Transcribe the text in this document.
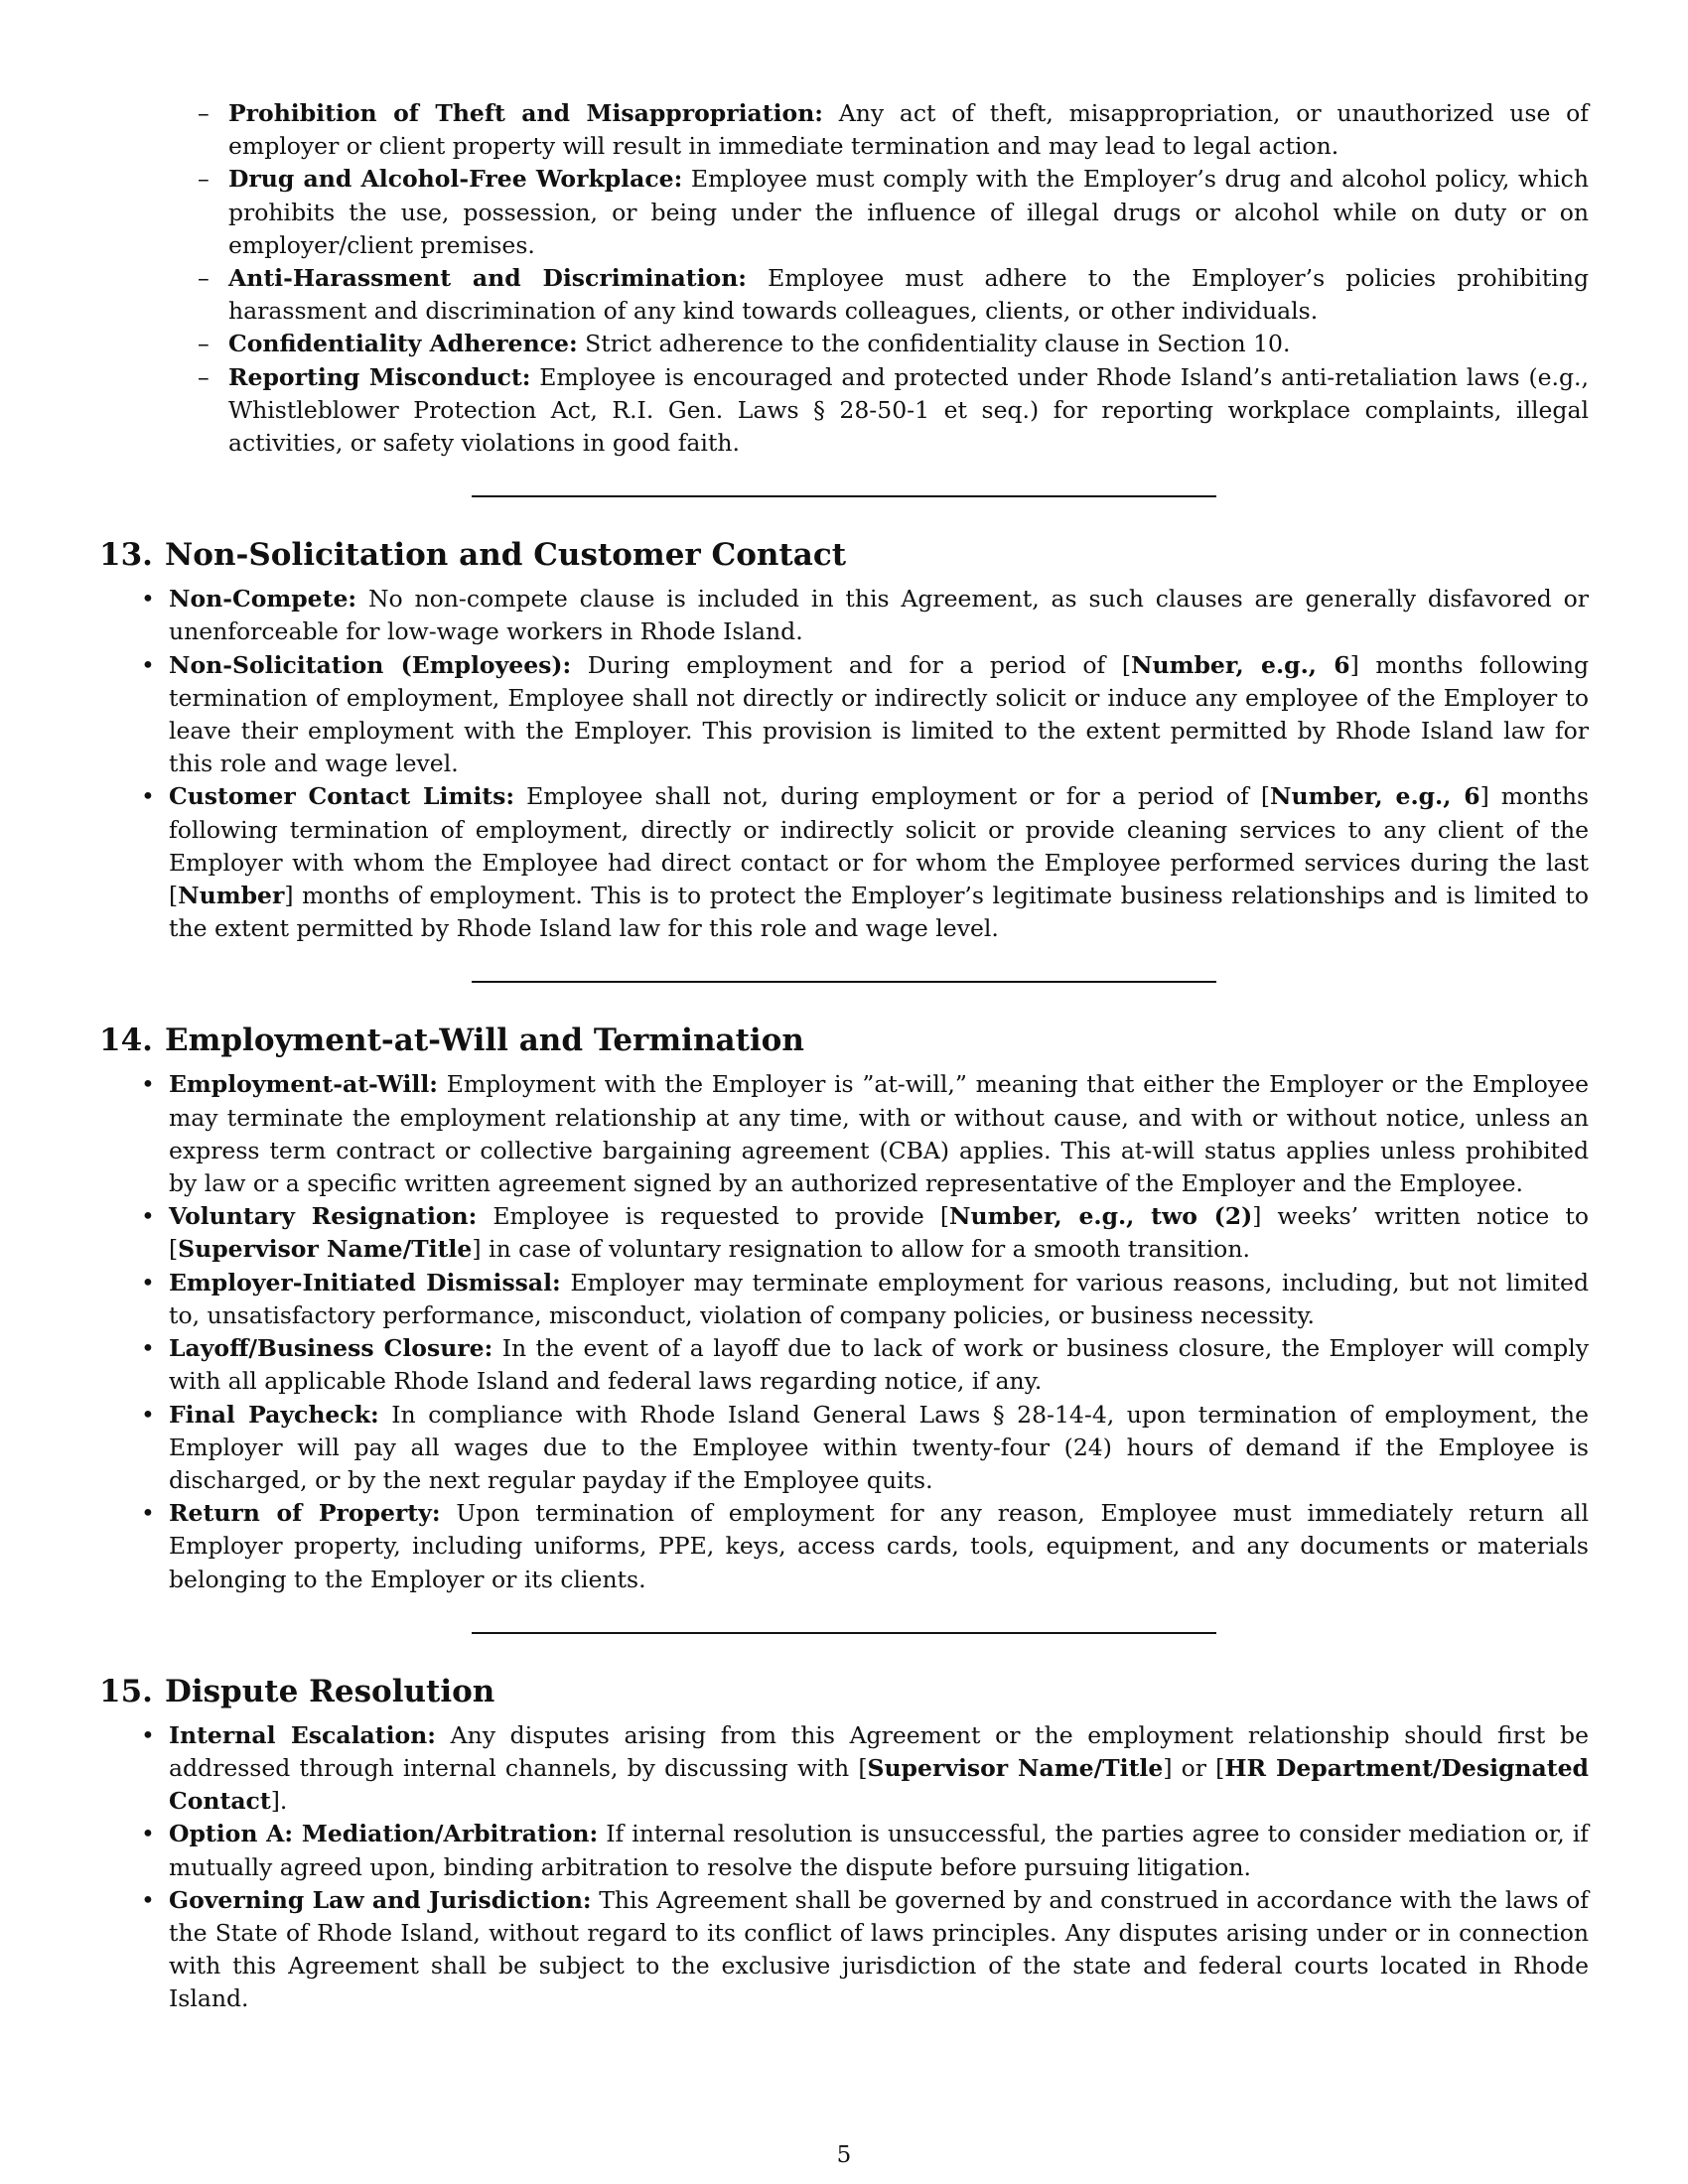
– Prohibition of Theft and Misappropriation: Any act of theft, misappropriation, or unauthorized use of employer or client property will result in immediate termination and may lead to legal action.
– Drug and Alcohol-Free Workplace: Employee must comply with the Employer’s drug and alcohol policy, which prohibits the use, possession, or being under the influence of illegal drugs or alcohol while on duty or on employer/client premises.
– Anti-Harassment and Discrimination: Employee must adhere to the Employer’s policies prohibiting harassment and discrimination of any kind towards colleagues, clients, or other individuals.
– Confidentiality Adherence: Strict adherence to the confidentiality clause in Section 10.
– Reporting Misconduct: Employee is encouraged and protected under Rhode Island’s anti-retaliation laws (e.g., Whistleblower Protection Act, R.I. Gen. Laws § 28-50-1 et seq.) for reporting workplace complaints, illegal activities, or safety violations in good faith.
13. Non-Solicitation and Customer Contact
• Non-Compete: No non-compete clause is included in this Agreement, as such clauses are generally disfavored or unenforceable for low-wage workers in Rhode Island.
• Non-Solicitation (Employees): During employment and for a period of [Number, e.g., 6] months following termination of employment, Employee shall not directly or indirectly solicit or induce any employee of the Employer to leave their employment with the Employer. This provision is limited to the extent permitted by Rhode Island law for this role and wage level.
• Customer Contact Limits: Employee shall not, during employment or for a period of [Number, e.g., 6] months following termination of employment, directly or indirectly solicit or provide cleaning services to any client of the Employer with whom the Employee had direct contact or for whom the Employee performed services during the last [Number] months of employment. This is to protect the Employer’s legitimate business relationships and is limited to the extent permitted by Rhode Island law for this role and wage level.
14. Employment-at-Will and Termination
• Employment-at-Will: Employment with the Employer is ”at-will,” meaning that either the Employer or the Employee may terminate the employment relationship at any time, with or without cause, and with or without notice, unless an express term contract or collective bargaining agreement (CBA) applies. This at-will status applies unless prohibited by law or a specific written agreement signed by an authorized representative of the Employer and the Employee.
• Voluntary Resignation: Employee is requested to provide [Number, e.g., two (2)] weeks’ written notice to [Supervisor Name/Title] in case of voluntary resignation to allow for a smooth transition.
• Employer-Initiated Dismissal: Employer may terminate employment for various reasons, including, but not limited to, unsatisfactory performance, misconduct, violation of company policies, or business necessity.
• Layoff/Business Closure: In the event of a layoff due to lack of work or business closure, the Employer will comply with all applicable Rhode Island and federal laws regarding notice, if any.
• Final Paycheck: In compliance with Rhode Island General Laws § 28-14-4, upon termination of employment, the Employer will pay all wages due to the Employee within twenty-four (24) hours of demand if the Employee is discharged, or by the next regular payday if the Employee quits.
• Return of Property: Upon termination of employment for any reason, Employee must immediately return all Employer property, including uniforms, PPE, keys, access cards, tools, equipment, and any documents or materials belonging to the Employer or its clients.
15. Dispute Resolution
• Internal Escalation: Any disputes arising from this Agreement or the employment relationship should first be addressed through internal channels, by discussing with [Supervisor Name/Title] or [HR Department/Designated Contact].
• Option A: Mediation/Arbitration: If internal resolution is unsuccessful, the parties agree to consider mediation or, if mutually agreed upon, binding arbitration to resolve the dispute before pursuing litigation.
• Governing Law and Jurisdiction: This Agreement shall be governed by and construed in accordance with the laws of the State of Rhode Island, without regard to its conflict of laws principles. Any disputes arising under or in connection with this Agreement shall be subject to the exclusive jurisdiction of the state and federal courts located in Rhode Island.
5
